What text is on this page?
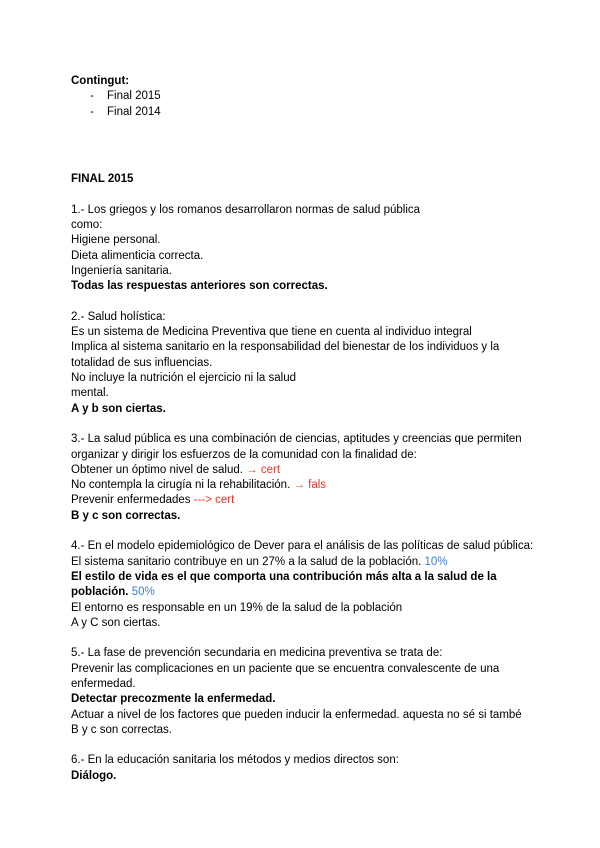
Contingut:
- Final 2015
- Final 2014
FINAL 2015
1.- Los griegos y los romanos desarrollaron normas de salud pública
como:
Higiene personal.
Dieta alimenticia correcta.
Ingeniería sanitaria.
Todas las respuestas anteriores son correctas.
2.- Salud holística:
Es un sistema de Medicina Preventiva que tiene en cuenta al individuo integral
Implica al sistema sanitario en la responsabilidad del bienestar de los individuos y la
totalidad de sus influencias.
No incluye la nutrición el ejercicio ni la salud
mental.
A y b son ciertas.
3.- La salud pública es una combinación de ciencias, aptitudes y creencias que permiten
organizar y dirigir los esfuerzos de la comunidad con la finalidad de:
Obtener un óptimo nivel de salud. → cert
No contempla la cirugía ni la rehabilitación. → fals
Prevenir enfermedades ---> cert
B y c son correctas.
4.- En el modelo epidemiológico de Dever para el análisis de las políticas de salud pública:
El sistema sanitario contribuye en un 27% a la salud de la población. 10%
El estilo de vida es el que comporta una contribución más alta a la salud de la
población. 50%
El entorno es responsable en un 19% de la salud de la población
A y C son ciertas.
5.- La fase de prevención secundaria en medicina preventiva se trata de:
Prevenir las complicaciones en un paciente que se encuentra convalescente de una
enfermedad.
Detectar precozmente la enfermedad.
Actuar a nivel de los factores que pueden inducir la enfermedad. aquesta no sé si també
B y c son correctas.
6.- En la educación sanitaria los métodos y medios directos son:
Diálogo.
